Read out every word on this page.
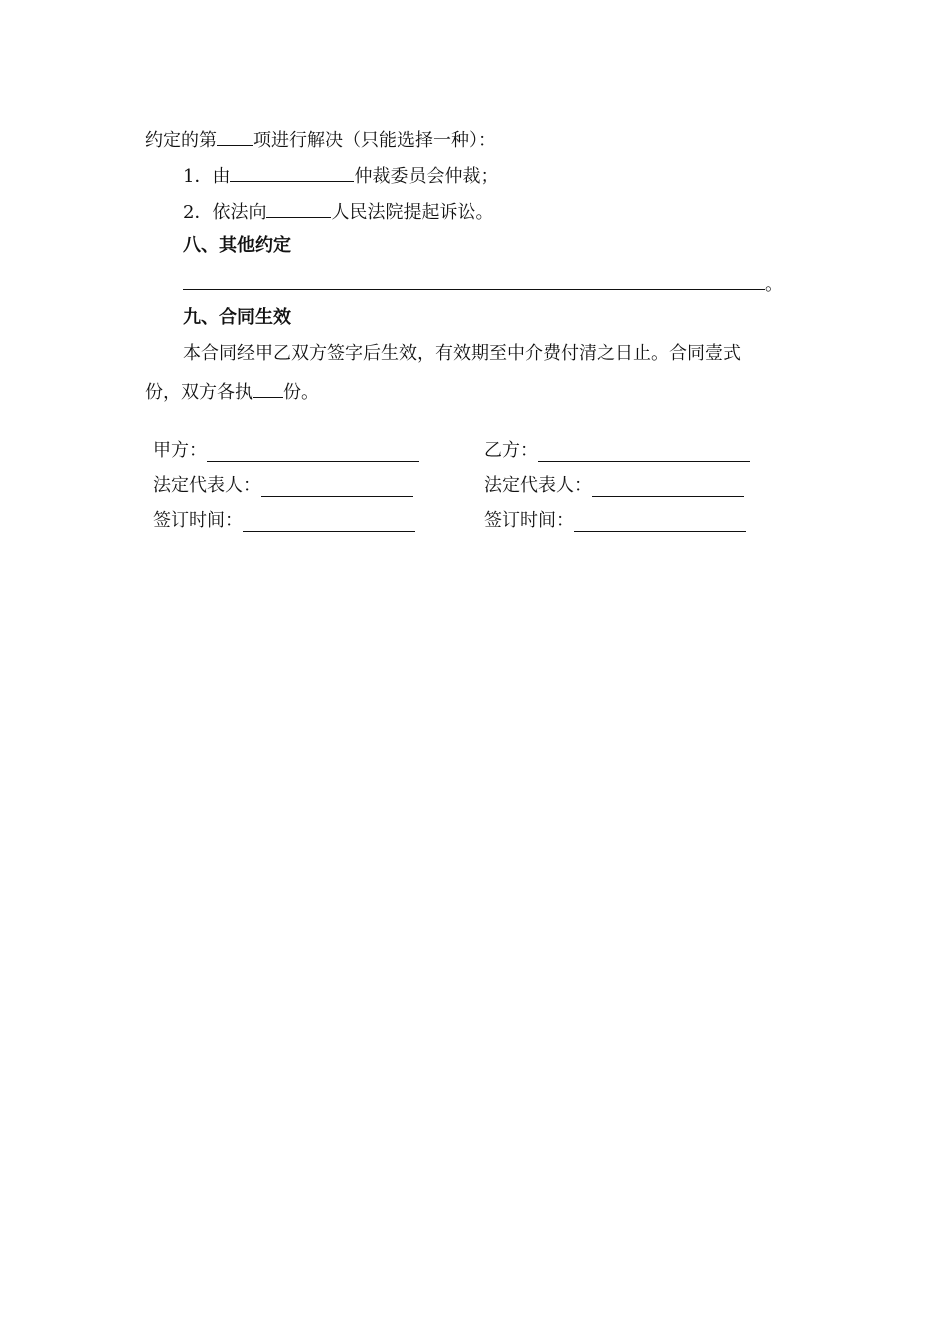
约定的第 项进行解决（只能选择一种）：
1．由	仲裁委员会仲裁；
2．依法向	人民法院提起诉讼。
八、其他约定
。
九、合同生效
本合同经甲乙双方签字后生效，有效期至中介费付清之日止。合同壹式
份，双方各执 份。
甲方：	乙方：
法定代表人：	法定代表人：
签订时间：	签订时间：
